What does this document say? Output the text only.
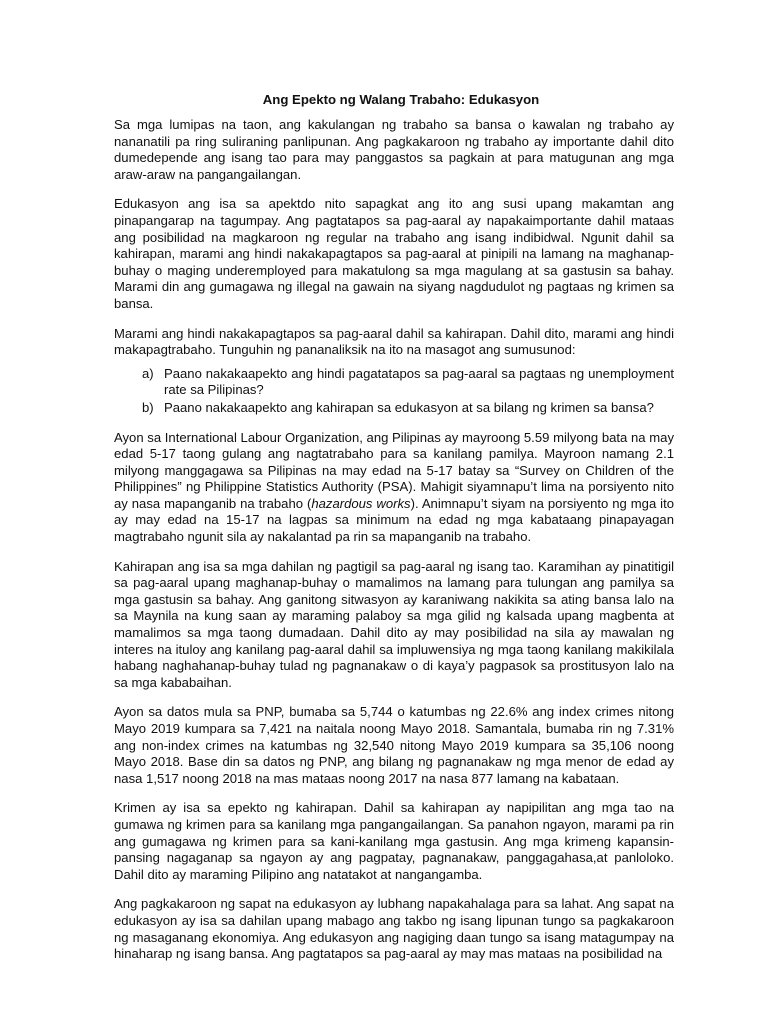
Ang Epekto ng Walang Trabaho: Edukasyon

Sa mga lumipas na taon, ang kakulangan ng trabaho sa bansa o kawalan ng trabaho ay nananatili pa ring suliraning panlipunan. Ang pagkakaroon ng trabaho ay importante dahil dito dumedepende ang isang tao para may panggastos sa pagkain at para matugunan ang mga araw-araw na pangangailangan.

Edukasyon ang isa sa apektdo nito sapagkat ang ito ang susi upang makamtan ang pinapangarap na tagumpay. Ang pagtatapos sa pag-aaral ay napakaimportante dahil mataas ang posibilidad na magkaroon ng regular na trabaho ang isang indibidwal. Ngunit dahil sa kahirapan, marami ang hindi nakakapagtapos sa pag-aaral at pinipili na lamang na maghanap-buhay o maging underemployed para makatulong sa mga magulang at sa gastusin sa bahay. Marami din ang gumagawa ng illegal na gawain na siyang nagdudulot ng pagtaas ng krimen sa bansa.

Marami ang hindi nakakapagtapos sa pag-aaral dahil sa kahirapan. Dahil dito, marami ang hindi makapagtrabaho. Tunguhin ng pananaliksik na ito na masagot ang sumusunod:

a) Paano nakakaapekto ang hindi pagatatapos sa pag-aaral sa pagtaas ng unemployment rate sa Pilipinas?
b) Paano nakakaapekto ang kahirapan sa edukasyon at sa bilang ng krimen sa bansa?

Ayon sa International Labour Organization, ang Pilipinas ay mayroong 5.59 milyong bata na may edad 5-17 taong gulang ang nagtatrabaho para sa kanilang pamilya. Mayroon namang 2.1 milyong manggagawa sa Pilipinas na may edad na 5-17 batay sa “Survey on Children of the Philippines” ng Philippine Statistics Authority (PSA). Mahigit siyamnapu’t lima na porsiyento nito ay nasa mapanganib na trabaho (hazardous works). Animnapu’t siyam na porsiyento ng mga ito ay may edad na 15-17 na lagpas sa minimum na edad ng mga kabataang pinapayagan magtrabaho ngunit sila ay nakalantad pa rin sa mapanganib na trabaho.

Kahirapan ang isa sa mga dahilan ng pagtigil sa pag-aaral ng isang tao. Karamihan ay pinatitigil sa pag-aaral upang maghanap-buhay o mamalimos na lamang para tulungan ang pamilya sa mga gastusin sa bahay. Ang ganitong sitwasyon ay karaniwang nakikita sa ating bansa lalo na sa Maynila na kung saan ay maraming palaboy sa mga gilid ng kalsada upang magbenta at mamalimos sa mga taong dumadaan. Dahil dito ay may posibilidad na sila ay mawalan ng interes na ituloy ang kanilang pag-aaral dahil sa impluwensiya ng mga taong kanilang makikilala habang naghahanap-buhay tulad ng pagnanakaw o di kaya’y pagpasok sa prostitusyon lalo na sa mga kababaihan.

Ayon sa datos mula sa PNP, bumaba sa 5,744 o katumbas ng 22.6% ang index crimes nitong Mayo 2019 kumpara sa 7,421 na naitala noong Mayo 2018. Samantala, bumaba rin ng 7.31% ang non-index crimes na katumbas ng 32,540 nitong Mayo 2019 kumpara sa 35,106 noong Mayo 2018. Base din sa datos ng PNP, ang bilang ng pagnanakaw ng mga menor de edad ay nasa 1,517 noong 2018 na mas mataas noong 2017 na nasa 877 lamang na kabataan.

Krimen ay isa sa epekto ng kahirapan. Dahil sa kahirapan ay napipilitan ang mga tao na gumawa ng krimen para sa kanilang mga pangangailangan. Sa panahon ngayon, marami pa rin ang gumagawa ng krimen para sa kani-kanilang mga gastusin. Ang mga krimeng kapansin-pansing nagaganap sa ngayon ay ang pagpatay, pagnanakaw, panggagahasa,at panloloko. Dahil dito ay maraming Pilipino ang natatakot at nangangamba.

Ang pagkakaroon ng sapat na edukasyon ay lubhang napakahalaga para sa lahat. Ang sapat na edukasyon ay isa sa dahilan upang mabago ang takbo ng isang lipunan tungo sa pagkakaroon ng masaganang ekonomiya. Ang edukasyon ang nagiging daan tungo sa isang matagumpay na hinaharap ng isang bansa. Ang pagtatapos sa pag-aaral ay may mas mataas na posibilidad na
